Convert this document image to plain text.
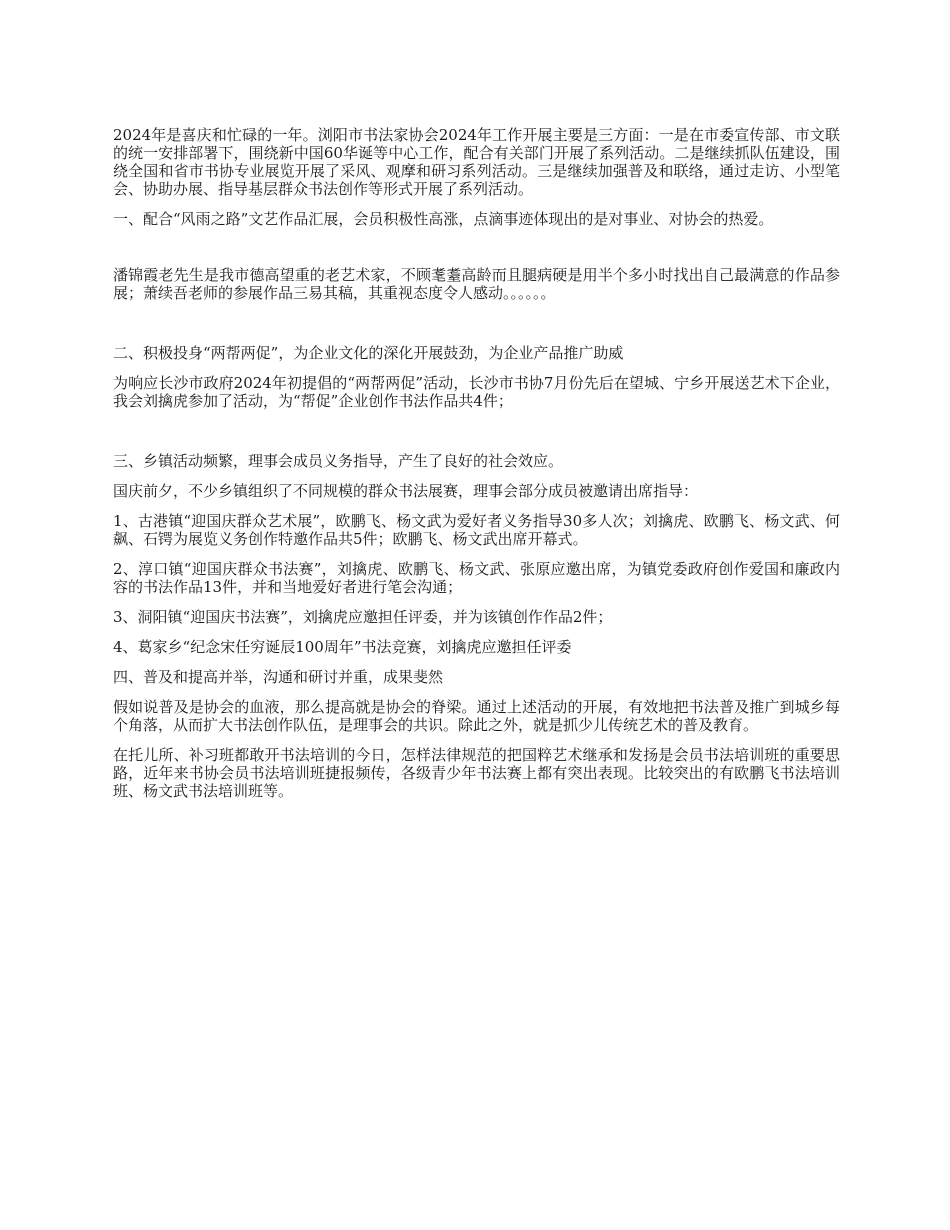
2024年是喜庆和忙碌的一年。浏阳市书法家协会2024年工作开展主要是三方面：一是在市委宣传部、市文联的统一安排部署下，围绕新中国60华诞等中心工作，配合有关部门开展了系列活动。二是继续抓队伍建设，围绕全国和省市书协专业展览开展了采风、观摩和研习系列活动。三是继续加强普及和联络，通过走访、小型笔会、协助办展、指导基层群众书法创作等形式开展了系列活动。

一、配合“风雨之路”文艺作品汇展，会员积极性高涨，点滴事迹体现出的是对事业、对协会的热爱。

潘锦霞老先生是我市德高望重的老艺术家，不顾耄耋高龄而且腿病硬是用半个多小时找出自己最满意的作品参展；萧续吾老师的参展作品三易其稿，其重视态度令人感动。。。。。。

二、积极投身“两帮两促”，为企业文化的深化开展鼓劲，为企业产品推广助威

为响应长沙市政府2024年初提倡的“两帮两促”活动，长沙市书协7月份先后在望城、宁乡开展送艺术下企业，我会刘擒虎参加了活动，为“帮促”企业创作书法作品共4件；

三、乡镇活动频繁，理事会成员义务指导，产生了良好的社会效应。

国庆前夕，不少乡镇组织了不同规模的群众书法展赛，理事会部分成员被邀请出席指导：

1、古港镇“迎国庆群众艺术展”，欧鹏飞、杨文武为爱好者义务指导30多人次；刘擒虎、欧鹏飞、杨文武、何飙、石锷为展览义务创作特邀作品共5件；欧鹏飞、杨文武出席开幕式。

2、淳口镇“迎国庆群众书法赛”，刘擒虎、欧鹏飞、杨文武、张原应邀出席，为镇党委政府创作爱国和廉政内容的书法作品13件，并和当地爱好者进行笔会沟通；

3、洞阳镇“迎国庆书法赛”，刘擒虎应邀担任评委，并为该镇创作作品2件；

4、葛家乡“纪念宋任穷诞辰100周年”书法竞赛，刘擒虎应邀担任评委

四、普及和提高并举，沟通和研讨并重，成果斐然

假如说普及是协会的血液，那么提高就是协会的脊梁。通过上述活动的开展，有效地把书法普及推广到城乡每个角落，从而扩大书法创作队伍，是理事会的共识。除此之外，就是抓少儿传统艺术的普及教育。

在托儿所、补习班都敢开书法培训的今日，怎样法律规范的把国粹艺术继承和发扬是会员书法培训班的重要思路，近年来书协会员书法培训班捷报频传，各级青少年书法赛上都有突出表现。比较突出的有欧鹏飞书法培训班、杨文武书法培训班等。
